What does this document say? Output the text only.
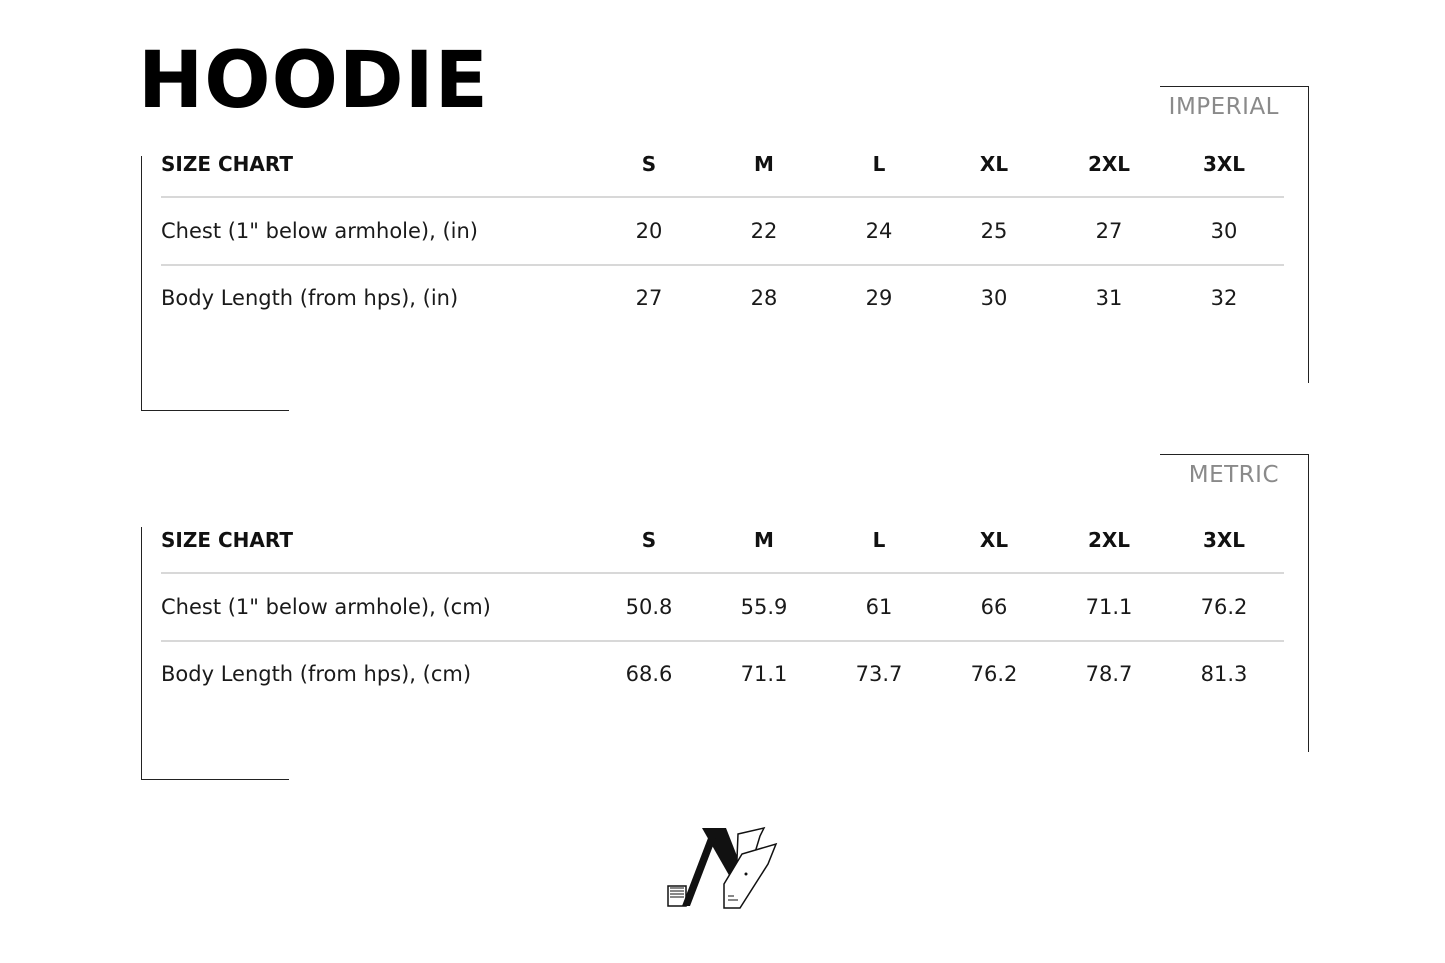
HOODIE	IMPERIAL
SIZE CHART	S	M	L	XL	2XL	3XL
Chest (1" below armhole), (in)	20	22	24	25	27	30
Body Length (from hps), (in)	27	28	29	30	31	32
METRIC
SIZE CHART	S	M	L	XL	2XL	3XL
Chest (1" below armhole), (cm)	50.8	55.9	61	66	71.1	76.2
Body Length (from hps), (cm)	68.6	71.1	73.7	76.2	78.7	81.3
